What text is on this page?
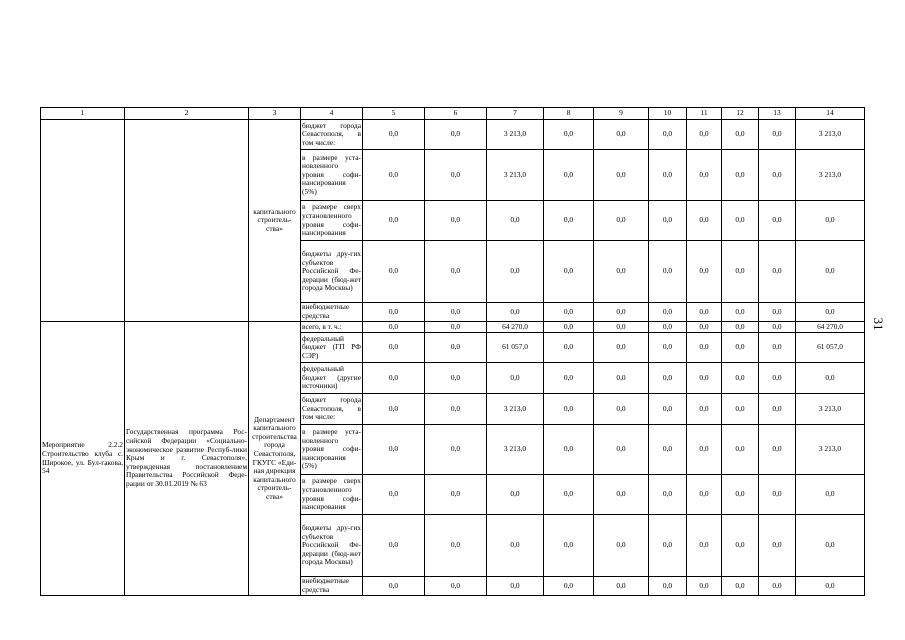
1	2	3	4	5	6	7	8	9	10	11	12	13	14
		капитального строитель-ства»	бюджет города Севастополя, в том числе:	0,0	0,0	3 213,0	0,0	0,0	0,0	0,0	0,0	0,0	3 213,0
			в размере уста-новленного уровня софи-нансирования (5%)	0,0	0,0	3 213,0	0,0	0,0	0,0	0,0	0,0	0,0	3 213,0
			в размере сверх установленного уровня софи-нансирования	0,0	0,0	0,0	0,0	0,0	0,0	0,0	0,0	0,0	0,0
			бюджеты дру-гих субъектов Российской Фе-дерации (бюд-жет города Москвы)	0,0	0,0	0,0	0,0	0,0	0,0	0,0	0,0	0,0	0,0
			внебюджетные средства	0,0	0,0	0,0	0,0	0,0	0,0	0,0	0,0	0,0	0,0
Мероприятие 2.2.2 Строительство клуба с. Широкое, ул. Бул-гакова, 54	Государственная программа Рос-сийской Федерации «Социально-экономическое развитие Респуб-лики Крым и г. Севастополя», утвержденная постановлением Правительства Российской Феде-рации от 30.01.2019 № 63	Департамент капитального строительства города Севастополя, ГКУГС «Еди-ная дирекция капитального строитель-ства»	всего, в т. ч.:	0,0	0,0	64 270,0	0,0	0,0	0,0	0,0	0,0	0,0	64 270,0
			федеральный бюджет (ГП РФ СЭР)	0,0	0,0	61 057,0	0,0	0,0	0,0	0,0	0,0	0,0	61 057,0
			федеральный бюджет (другие источники)	0,0	0,0	0,0	0,0	0,0	0,0	0,0	0,0	0,0	0,0
			бюджет города Севастополя, в том числе:	0,0	0,0	3 213,0	0,0	0,0	0,0	0,0	0,0	0,0	3 213,0
			в размере уста-новленного уровня софи-нансирования (5%)	0,0	0,0	3 213,0	0,0	0,0	0,0	0,0	0,0	0,0	3 213,0
			в размере сверх установленного уровня софи-нансирования	0,0	0,0	0,0	0,0	0,0	0,0	0,0	0,0	0,0	0,0
			бюджеты дру-гих субъектов Российской Фе-дерации (бюд-жет города Москвы)	0,0	0,0	0,0	0,0	0,0	0,0	0,0	0,0	0,0	0,0
			внебюджетные средства	0,0	0,0	0,0	0,0	0,0	0,0	0,0	0,0	0,0	0,0
31
